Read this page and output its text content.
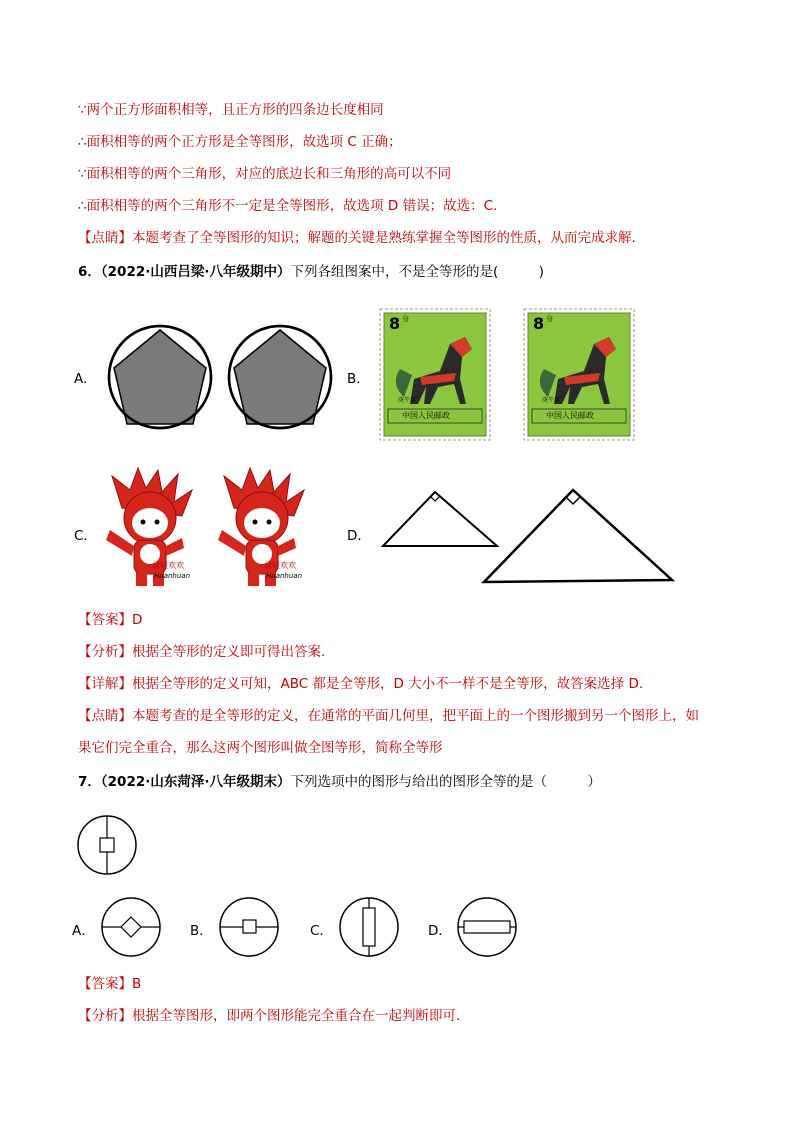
∵两个正方形面积相等，且正方形的四条边长度相同
∴面积相等的两个正方形是全等图形，故选项 C 正确；
∵面积相等的两个三角形，对应的底边长和三角形的高可以不同
∴面积相等的两个三角形不一定是全等图形，故选项 D 错误；故选：C．
【点睛】本题考查了全等图形的知识；解题的关键是熟练掌握全等图形的性质，从而完成求解．
6．（2022·山西吕梁·八年级期中）下列各组图案中，不是全等形的是(　　　)
A．	B．
8 分
中国人民邮政
庚午年
8 分
中国人民邮政
庚午年
C．
福娃欢欢
Huanhuan
福娃欢欢
Huanhuan
D．
【答案】D
【分析】根据全等形的定义即可得出答案.
【详解】根据全等形的定义可知，ABC 都是全等形，D 大小不一样不是全等形，故答案选择 D.
【点睛】本题考查的是全等形的定义，在通常的平面几何里，把平面上的一个图形搬到另一个图形上，如
果它们完全重合，那么这两个图形叫做全图等形，简称全等形
7．（2022·山东菏泽·八年级期末）下列选项中的图形与给出的图形全等的是（　　　）
A．	B．	C．	D．
【答案】B
【分析】根据全等图形，即两个图形能完全重合在一起判断即可．
